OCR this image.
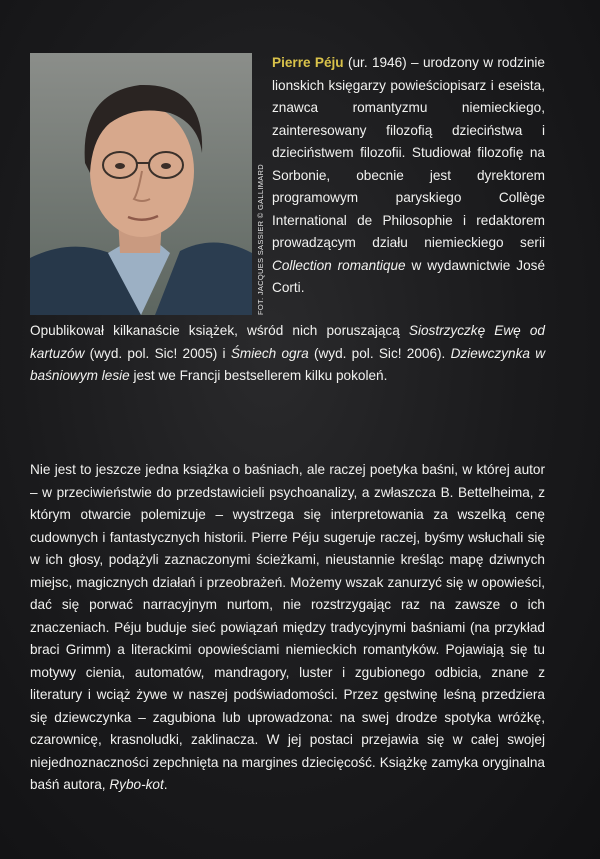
FOT. JACQUES SASSIER © GALLIMARD
Pierre Péju (ur. 1946) – urodzony w rodzinie lionskich księgarzy powieściopisarz i eseista, znawca romantyzmu niemieckiego, zainteresowany filozofią dzieciństwa i dzieciństwem filozofii. Studiował filozofię na Sorbonie, obecnie jest dyrektorem programowym paryskiego Collège International de Philosophie i redaktorem prowadzącym działu niemieckiego serii Collection romantique w wydawnictwie José Corti.
Opublikował kilkanaście książek, wśród nich poruszającą Siostrzyczkę Ewę od kartuzów (wyd. pol. Sic! 2005) i Śmiech ogra (wyd. pol. Sic! 2006). Dziewczynka w baśniowym lesie jest we Francji bestsellerem kilku pokoleń.
Nie jest to jeszcze jedna książka o baśniach, ale raczej poetyka baśni, w której autor – w przeciwieństwie do przedstawicieli psychoanalizy, a zwłaszcza B. Bettelheima, z którym otwarcie polemizuje – wystrzega się interpretowania za wszelką cenę cudownych i fantastycznych historii. Pierre Péju sugeruje raczej, byśmy wsłuchali się w ich głosy, podążyli zaznaczonymi ścieżkami, nieustannie kreśląc mapę dziwnych miejsc, magicznych działań i przeobrażeń. Możemy wszak zanurzyć się w opowieści, dać się porwać narracyjnym nurtom, nie rozstrzygając raz na zawsze o ich znaczeniach. Péju buduje sieć powiązań między tradycyjnymi baśniami (na przykład braci Grimm) a literackimi opowieściami niemieckich romantyków. Pojawiają się tu motywy cienia, automatów, mandragory, luster i zgubionego odbicia, znane z literatury i wciąż żywe w naszej podświadomości. Przez gęstwinę leśną przedziera się dziewczynka – zagubiona lub uprowadzona: na swej drodze spotyka wróżkę, czarownicę, krasnoludki, zaklinacza. W jej postaci przejawia się w całej swojej niejednoznaczności zepchnięta na margines dziecięcość. Książkę zamyka oryginalna baśń autora, Rybo-kot.
